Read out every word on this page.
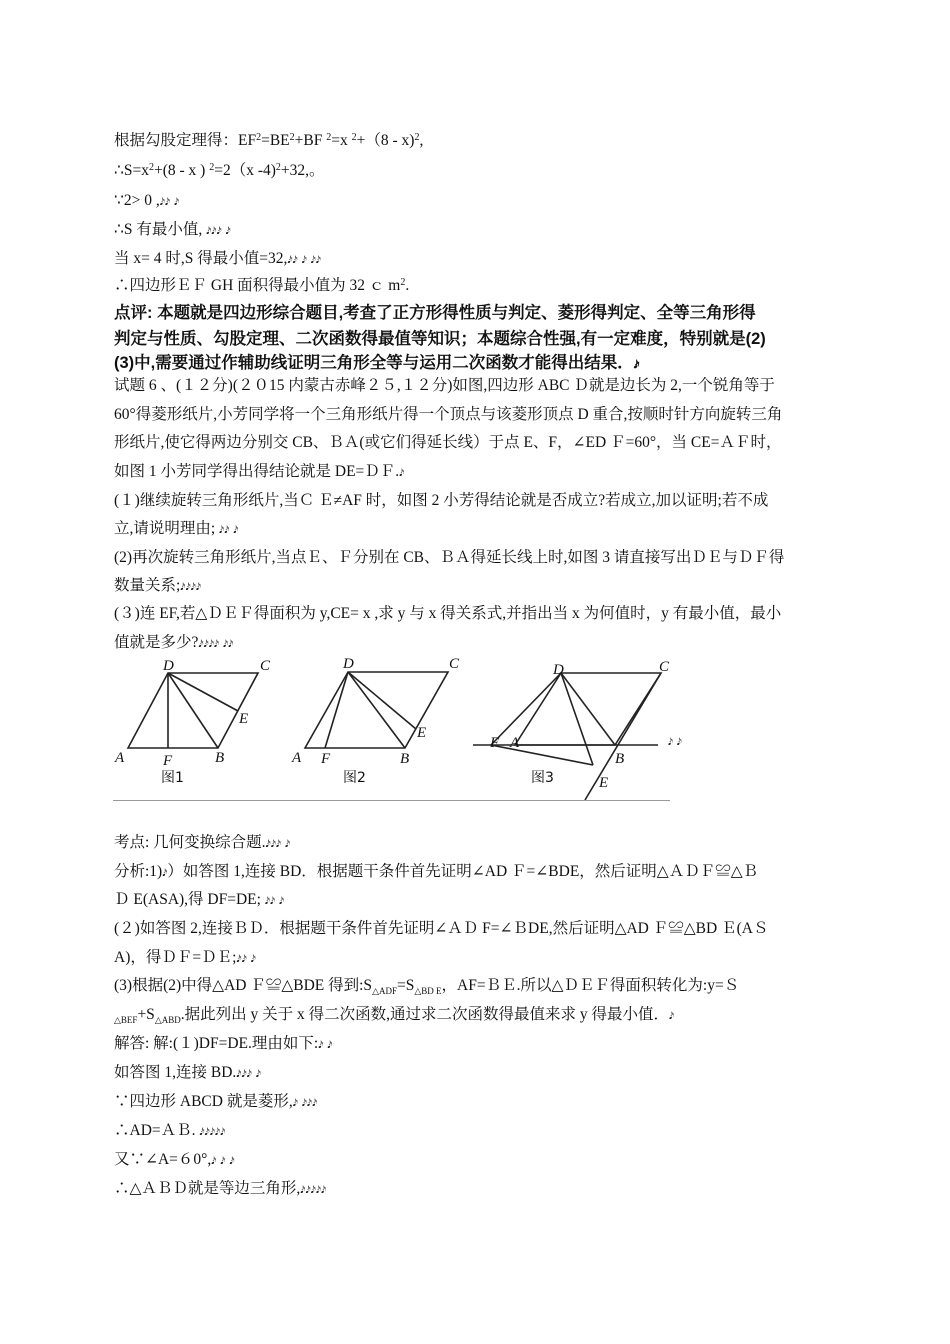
根据勾股定理得：$EF^2=BE^2+BF$ $^2$=x $^2$+（8 - x)$^2$,
$\therefore S=x^2+(8 - x$ ) $^2$=2（x -4)$^2$+32,。
∵2> 0 ,𝆔𝆔 𝆔
∴S 有最小值, 𝆔𝆔𝆔 𝆔
当 x= 4 时,S 得最小值=32,𝆔𝆔 𝆔 𝆔𝆔
∴四边形ＥＦ GH 面积得最小值为 32 ｃ $m^2$.
点评: 本题就是四边形综合题目,考查了正方形得性质与判定、菱形得判定、全等三角形得
判定与性质、勾股定理、二次函数得最值等知识；本题综合性强,有一定难度，特别就是(2)
(3)中,需要通过作辅助线证明三角形全等与运用二次函数才能得出结果．𝆔
试题 6 、(１２分)(２０15 内蒙古赤峰２５,１２分)如图,四边形 ABC Ｄ就是边长为 2,一个锐角等于
60°得菱形纸片,小芳同学将一个三角形纸片得一个顶点与该菱形顶点 D 重合,按顺时针方向旋转三角
形纸片,使它得两边分别交 CB、ＢＡ(或它们得延长线）于点 E、F，∠ED Ｆ=60°，当 CE=ＡＦ时，
如图 1 小芳同学得出得结论就是 DE=ＤＦ.𝆔
(１)继续旋转三角形纸片,当Ｃ Ｅ≠AF 时，如图 2 小芳得结论就是否成立?若成立,加以证明;若不成
立,请说明理由; 𝆔𝆔 𝆔
(2)再次旋转三角形纸片,当点Ｅ、Ｆ分别在 CB、ＢＡ得延长线上时,如图 3 请直接写出ＤＥ与ＤＦ得
数量关系;𝆔𝆔𝆔𝆔
(３)连 EF,若△ＤＥＦ得面积为 y,CE= x ,求 y 与 x 得关系式,并指出当 x 为何值时，y 有最小值，最小
值就是多少?𝆔𝆔𝆔𝆔 𝆔𝆔
A
D	C
E
F	B	A
D	C
E
F	B
D	C
F A
B
E
图1	图2	图3
𝆔 𝆔
考点: 几何变换综合题.𝆔𝆔𝆔 𝆔
分析:1)𝆔）如答图 1,连接 BD．根据题干条件首先证明∠AD Ｆ=∠BDE，然后证明△ＡＤＦ≌△Ｂ
Ｄ E(ASA),得 DF=DE; 𝆔𝆔 𝆔
(２)如答图 2,连接ＢＤ．根据题干条件首先证明∠ＡＤ F=∠ＢDE,然后证明△AD Ｆ≌△BD Ｅ(AＳ
A)，得ＤＦ=ＤＥ;𝆔𝆔 𝆔
(3)根据(2)中得△AD Ｆ≌△BDE 得到$:S_{\triangle ADF}=S_{\triangle BD E}$，AF=ＢＥ.所以△ＤＥＦ得面积转化为:y=Ｓ
$_{\triangle BEF}+S_{\triangle ABD}$.据此列出 y 关于 x 得二次函数,通过求二次函数得最值来求 y 得最小值．𝆔
解答: 解:(１)DF=DE.理由如下:𝆔 𝆔
如答图 1,连接 BD.𝆔𝆔𝆔 𝆔
∵四边形 ABCD 就是菱形,𝆔 𝆔𝆔𝆔
∴AD=ＡＢ. 𝆔𝆔𝆔𝆔𝆔
又∵∠A=６0°,𝆔 𝆔 𝆔
∴△ＡＢＤ就是等边三角形,𝆔𝆔𝆔𝆔𝆔
